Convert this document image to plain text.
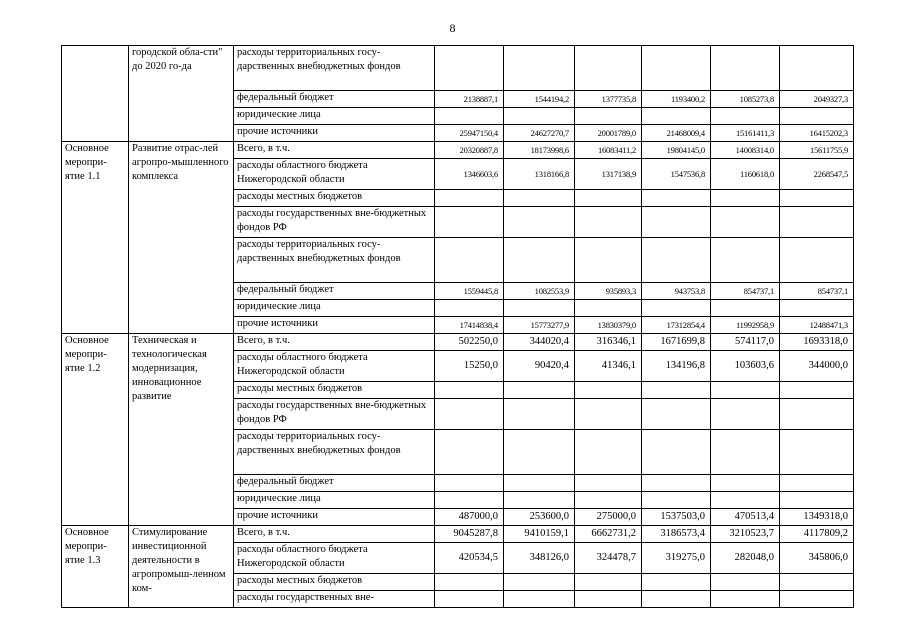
8
	городской обла-сти" до 2020 го-да	расходы территориальных госу-дарственных внебюджетных фондов						
		федеральный бюджет	2138887,1	1544194,2	1377735,8	1193400,2	1085273,8	2049327,3
		юридические лица						
		прочие источники	25947150,4	24627270,7	20001789,0	21468009,4	15161411,3	16415202,3
Основное меропри-ятие 1.1	Развитие отрас-лей агропро-мышленного комплекса	Всего, в т.ч.	20320887,8	18173998,6	16083411,2	19804145,0	14008314,0	15611755,9
		расходы областного бюджета Нижегородской области	1346603,6	1318166,8	1317138,9	1547536,8	1160618,0	2268547,5
		расходы местных бюджетов						
		расходы государственных вне-бюджетных фондов РФ						
		расходы территориальных госу-дарственных внебюджетных фондов						
		федеральный бюджет	1559445,8	1082553,9	935893,3	943753,8	854737,1	854737,1
		юридические лица						
		прочие источники	17414838,4	15773277,9	13830379,0	17312854,4	11992958,9	12488471,3
Основное меропри-ятие 1.2	Техническая и технологическая модернизация, инновационное развитие	Всего, в т.ч.	502250,0	344020,4	316346,1	1671699,8	574117,0	1693318,0
		расходы областного бюджета Нижегородской области	15250,0	90420,4	41346,1	134196,8	103603,6	344000,0
		расходы местных бюджетов						
		расходы государственных вне-бюджетных фондов РФ						
		расходы территориальных госу-дарственных внебюджетных фондов						
		федеральный бюджет						
		юридические лица						
		прочие источники	487000,0	253600,0	275000,0	1537503,0	470513,4	1349318,0
Основное меропри-ятие 1.3	Стимулирование инвестиционной деятельности в агропромыш-ленном ком-	Всего, в т.ч.	9045287,8	9410159,1	6662731,2	3186573,4	3210523,7	4117809,2
		расходы областного бюджета Нижегородской области	420534,5	348126,0	324478,7	319275,0	282048,0	345806,0
		расходы местных бюджетов						
		расходы государственных вне-						
